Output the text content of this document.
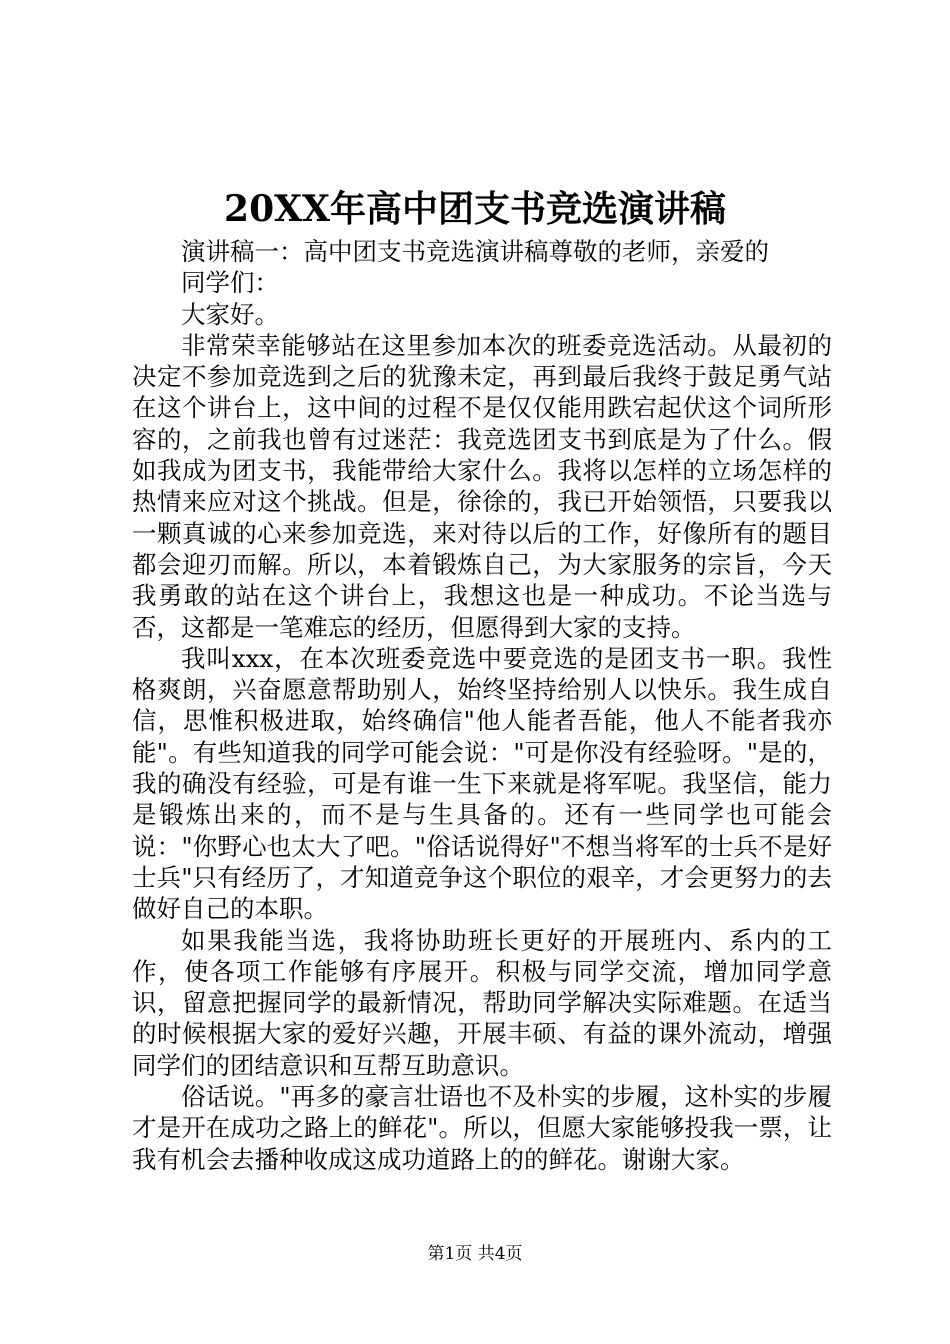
20XX年高中团支书竞选演讲稿

演讲稿一：高中团支书竞选演讲稿尊敬的老师，亲爱的

同学们：

大家好。

非常荣幸能够站在这里参加本次的班委竞选活动。从最初的决定不参加竞选到之后的犹豫未定，再到最后我终于鼓足勇气站在这个讲台上，这中间的过程不是仅仅能用跌宕起伏这个词所形容的，之前我也曾有过迷茫：我竞选团支书到底是为了什么。假如我成为团支书，我能带给大家什么。我将以怎样的立场怎样的热情来应对这个挑战。但是，徐徐的，我已开始领悟，只要我以一颗真诚的心来参加竞选，来对待以后的工作，好像所有的题目都会迎刃而解。所以，本着锻炼自己，为大家服务的宗旨，今天我勇敢的站在这个讲台上，我想这也是一种成功。不论当选与否，这都是一笔难忘的经历，但愿得到大家的支持。

我叫xxx，在本次班委竞选中要竞选的是团支书一职。我性格爽朗，兴奋愿意帮助别人，始终坚持给别人以快乐。我生成自信，思惟积极进取，始终确信"他人能者吾能，他人不能者我亦能"。有些知道我的同学可能会说："可是你没有经验呀。"是的，我的确没有经验，可是有谁一生下来就是将军呢。我坚信，能力是锻炼出来的，而不是与生具备的。还有一些同学也可能会说："你野心也太大了吧。"俗话说得好"不想当将军的士兵不是好士兵"只有经历了，才知道竞争这个职位的艰辛，才会更努力的去做好自己的本职。

如果我能当选，我将协助班长更好的开展班内、系内的工作，使各项工作能够有序展开。积极与同学交流，增加同学意识，留意把握同学的最新情况，帮助同学解决实际难题。在适当的时候根据大家的爱好兴趣，开展丰硕、有益的课外流动，增强同学们的团结意识和互帮互助意识。

俗话说。"再多的豪言壮语也不及朴实的步履，这朴实的步履才是开在成功之路上的鲜花"。所以，但愿大家能够投我一票，让我有机会去播种收成这成功道路上的的鲜花。谢谢大家。

第1页 共4页
